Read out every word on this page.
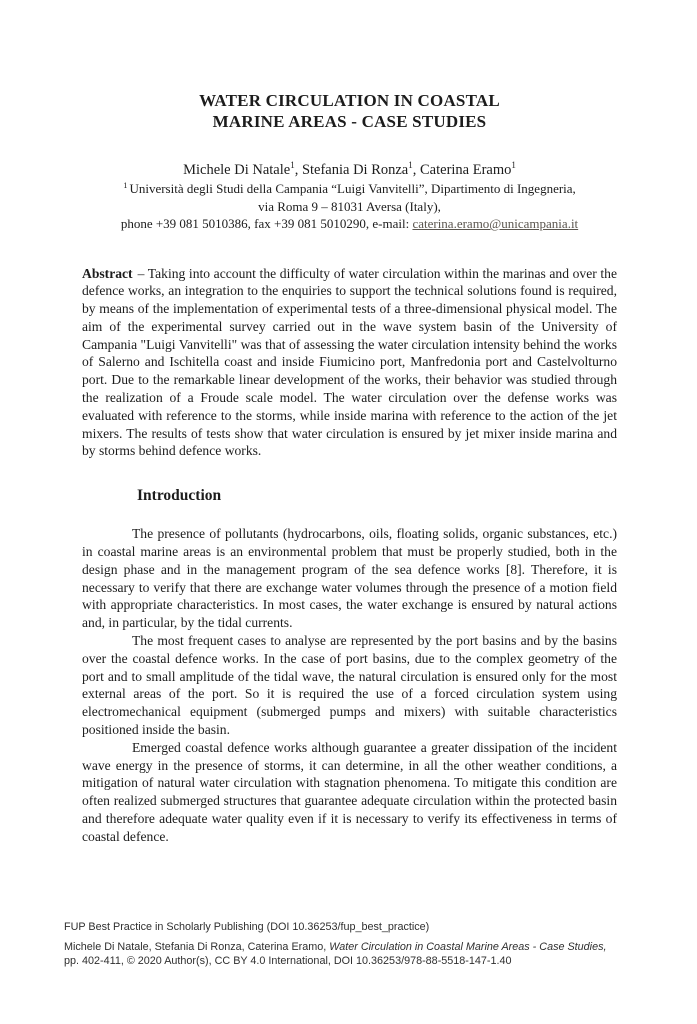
WATER CIRCULATION IN COASTAL
MARINE AREAS - CASE STUDIES
Michele Di Natale$^1$, Stefania Di Ronza$^1$, Caterina Eramo$^1$
$^1$ Università degli Studi della Campania “Luigi Vanvitelli”, Dipartimento di Ingegneria,
via Roma 9 – 81031 Aversa (Italy),
phone +39 081 5010386, fax +39 081 5010290, e-mail: caterina.eramo@unicampania.it

Abstract – Taking into account the difficulty of water circulation within the marinas and over the defence works, an integration to the enquiries to support the technical solutions found is required, by means of the implementation of experimental tests of a three-dimensional physical model. The aim of the experimental survey carried out in the wave system basin of the University of Campania "Luigi Vanvitelli" was that of assessing the water circulation intensity behind the works of Salerno and Ischitella coast and inside Fiumicino port, Manfredonia port and Castelvolturno port. Due to the remarkable linear development of the works, their behavior was studied through the realization of a Froude scale model. The water circulation over the defense works was evaluated with reference to the storms, while inside marina with reference to the action of the jet mixers. The results of tests show that water circulation is ensured by jet mixer inside marina and by storms behind defence works.

Introduction

The presence of pollutants (hydrocarbons, oils, floating solids, organic substances, etc.) in coastal marine areas is an environmental problem that must be properly studied, both in the design phase and in the management program of the sea defence works [8]. Therefore, it is necessary to verify that there are exchange water volumes through the presence of a motion field with appropriate characteristics. In most cases, the water exchange is ensured by natural actions and, in particular, by the tidal currents.

The most frequent cases to analyse are represented by the port basins and by the basins over the coastal defence works. In the case of port basins, due to the complex geometry of the port and to small amplitude of the tidal wave, the natural circulation is ensured only for the most external areas of the port. So it is required the use of a forced circulation system using electromechanical equipment (submerged pumps and mixers) with suitable characteristics positioned inside the basin.

Emerged coastal defence works although guarantee a greater dissipation of the incident wave energy in the presence of storms, it can determine, in all the other weather conditions, a mitigation of natural water circulation with stagnation phenomena. To mitigate this condition are often realized submerged structures that guarantee adequate circulation within the protected basin and therefore adequate water quality even if it is necessary to verify its effectiveness in terms of coastal defence.

FUP Best Practice in Scholarly Publishing (DOI 10.36253/fup_best_practice)
Michele Di Natale, Stefania Di Ronza, Caterina Eramo, Water Circulation in Coastal Marine Areas - Case Studies,
pp. 402-411, © 2020 Author(s), CC BY 4.0 International, DOI 10.36253/978-88-5518-147-1.40
